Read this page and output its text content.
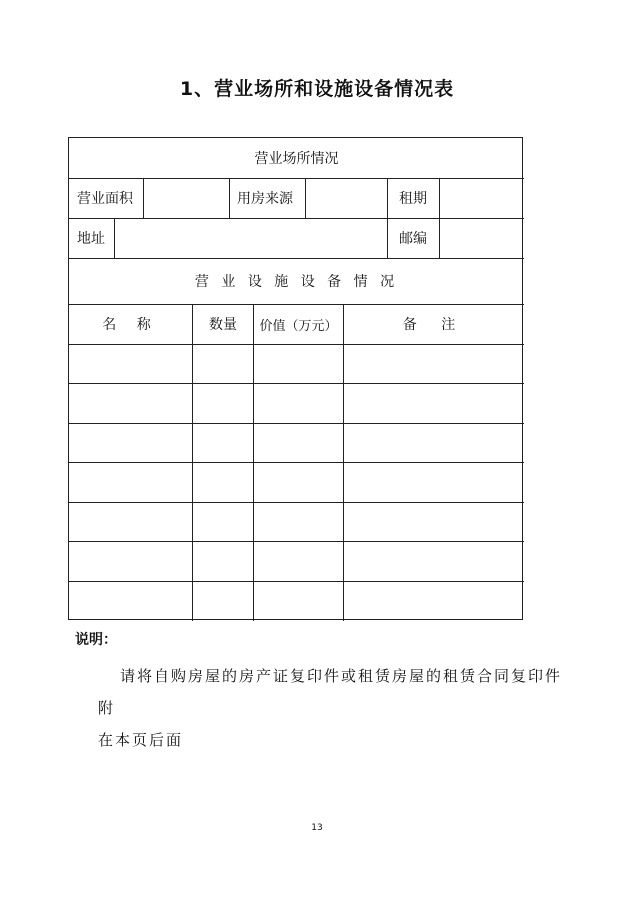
1、营业场所和设施设备情况表
营业场所情况
营业面积	用房来源	租期
地址	邮编
营 业 设 施 设 备 情 况
名 称	数量	价值（万元）	备 注
说明：
请将自购房屋的房产证复印件或租赁房屋的租赁合同复印件附
在本页后面
13
